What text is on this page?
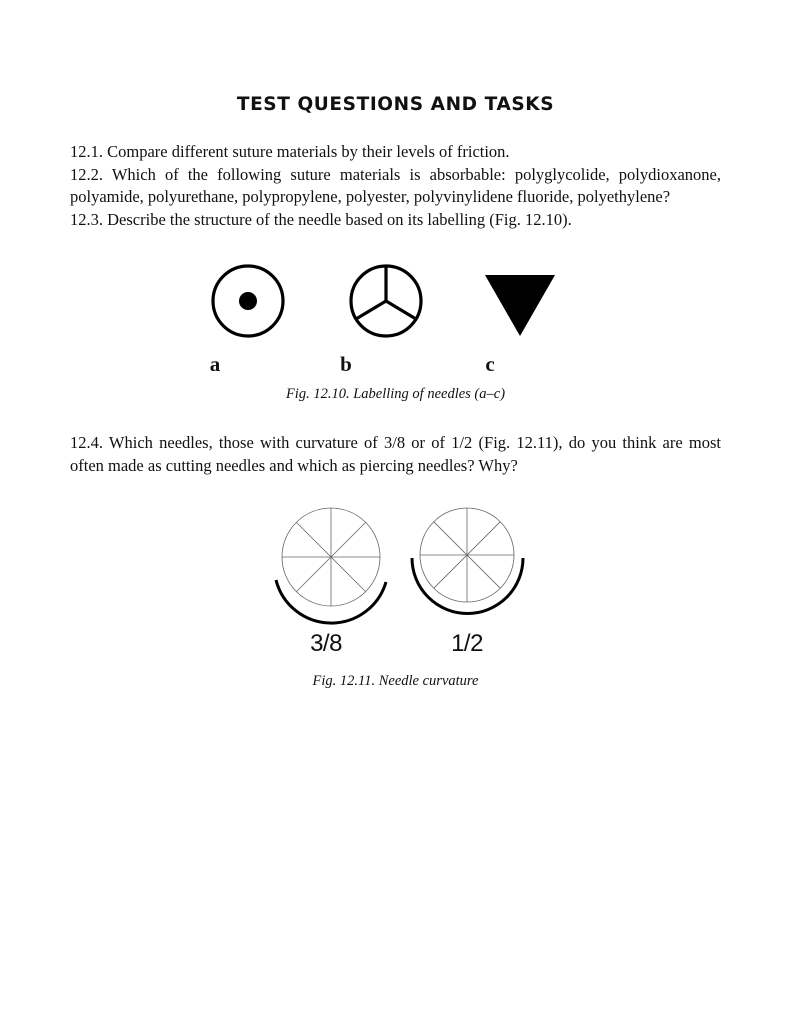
TEST QUESTIONS AND TASKS

12.1. Compare different suture materials by their levels of friction.

12.2. Which of the following suture materials is absorbable: polyglycolide, polydioxanone, polyamide, polyurethane, polypropylene, polyester, polyvinylidene fluoride, polyethylene?

12.3. Describe the structure of the needle based on its labelling (Fig. 12.10).

a	b	c
Fig. 12.10. Labelling of needles (a–c)

12.4. Which needles, those with curvature of 3/8 or of 1/2 (Fig. 12.11), do you think are most often made as cutting needles and which as piercing needles? Why?

3/8	1/2
Fig. 12.11. Needle curvature
